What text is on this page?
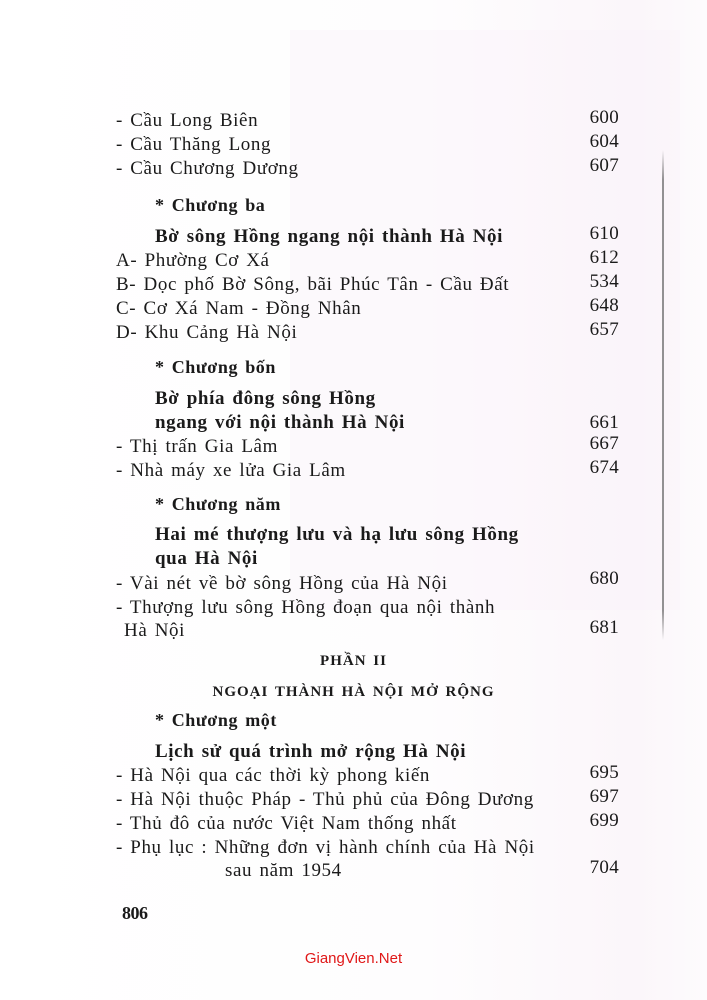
- Cầu Long Biên	600
- Cầu Thăng Long	604
- Cầu Chương Dương	607
* Chương ba
Bờ sông Hồng ngang nội thành Hà Nội	610
A- Phường Cơ Xá	612
B- Dọc phố Bờ Sông, bãi Phúc Tân - Cầu Đất	534
C- Cơ Xá Nam - Đồng Nhân	648
D- Khu Cảng Hà Nội	657
* Chương bốn
Bờ phía đông sông Hồng
ngang với nội thành Hà Nội	661
- Thị trấn Gia Lâm	667
- Nhà máy xe lửa Gia Lâm	674
* Chương năm
Hai mé thượng lưu và hạ lưu sông Hồng
qua Hà Nội
- Vài nét về bờ sông Hồng của Hà Nội	680
- Thượng lưu sông Hồng đoạn qua nội thành
Hà Nội	681
PHẦN II
NGOẠI THÀNH HÀ NỘI MỞ RỘNG
* Chương một
Lịch sử quá trình mở rộng Hà Nội
- Hà Nội qua các thời kỳ phong kiến	695
- Hà Nội thuộc Pháp - Thủ phủ của Đông Dương	697
- Thủ đô của nước Việt Nam thống nhất	699
- Phụ lục : Những đơn vị hành chính của Hà Nội
sau năm 1954	704
806
GiangVien.Net
